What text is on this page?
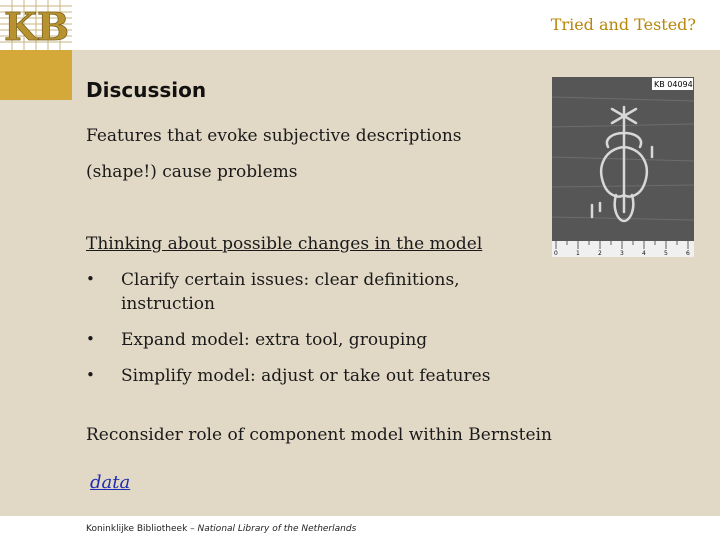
KB	Tried and Tested?
Discussion
Features that evoke subjective descriptions
(shape!) cause problems
Thinking about possible changes in the model
• Clarify certain issues: clear definitions, instruction
• Expand model: extra tool, grouping
• Simplify model: adjust or take out features
Reconsider role of component model within Bernstein
data
KB 04094
0	1	2	3	4	5	6
Koninklijke Bibliotheek – National Library of the Netherlands
